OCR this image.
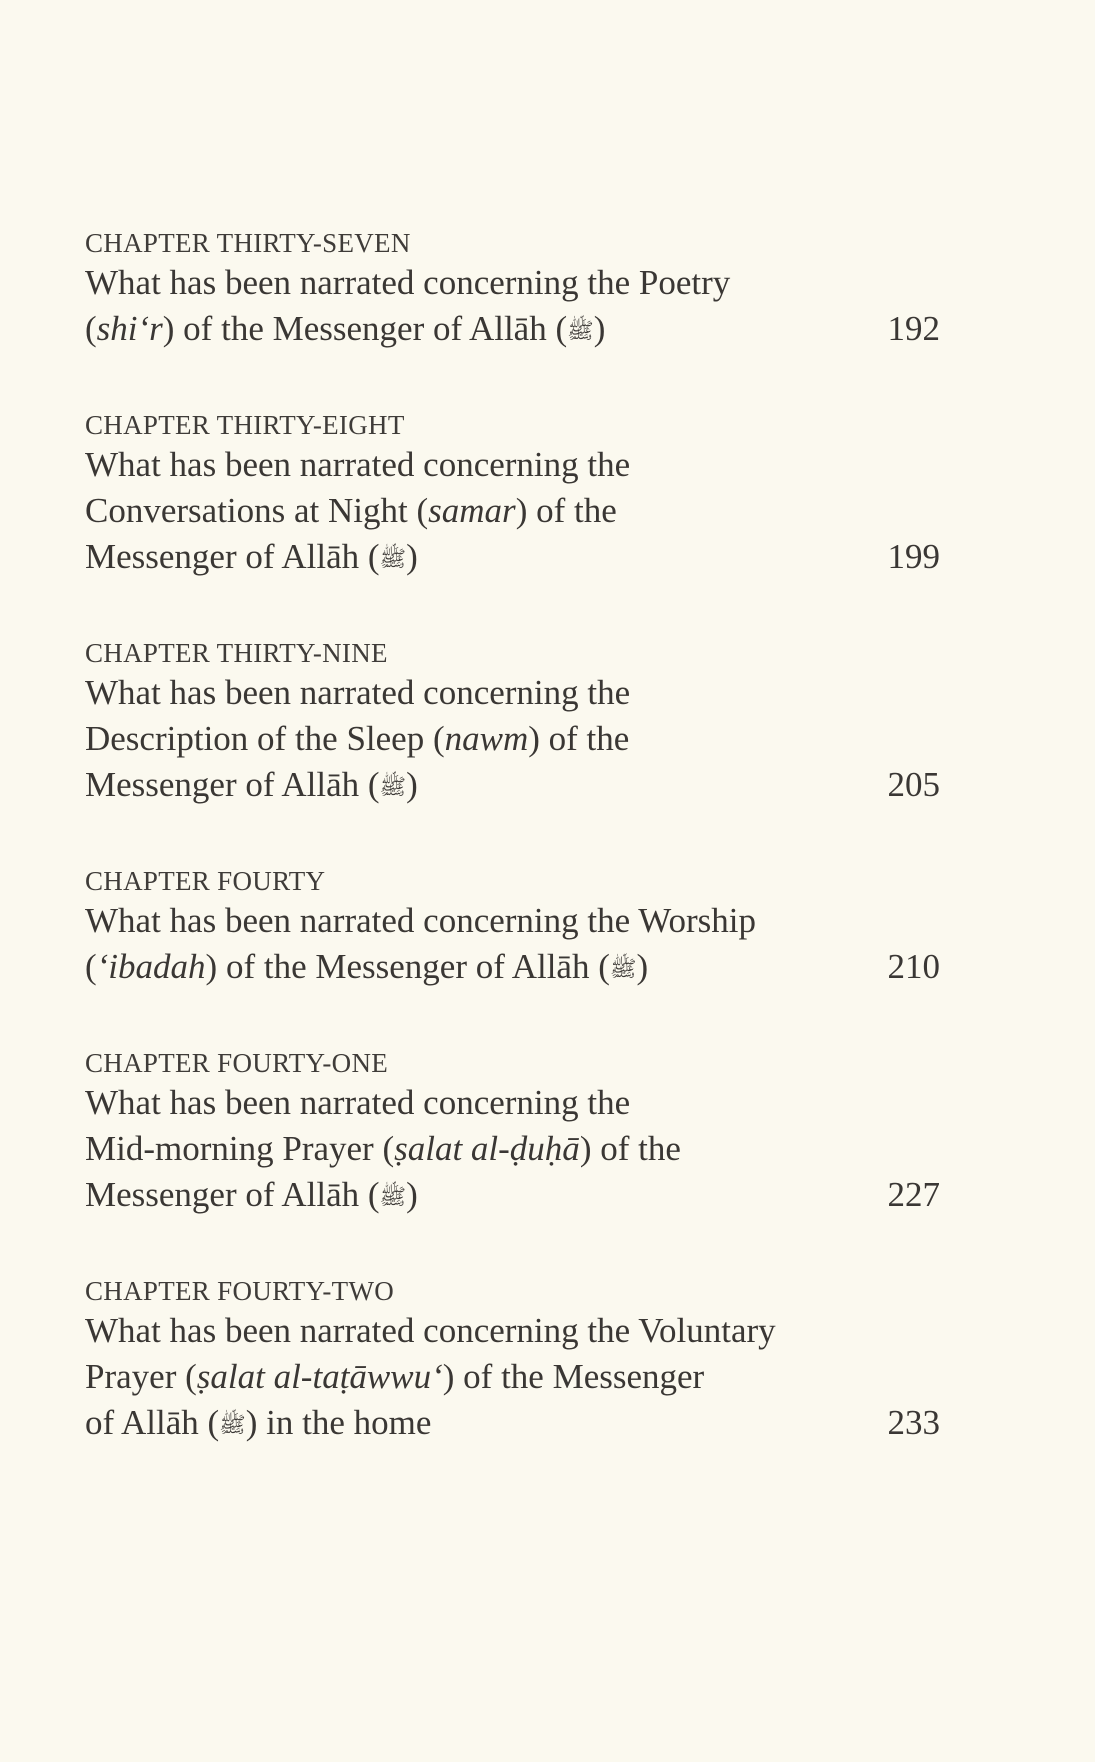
CHAPTER THIRTY-SEVEN
What has been narrated concerning the Poetry
(shi‘r) of the Messenger of Allāh (ﷺ)	192
CHAPTER THIRTY-EIGHT
What has been narrated concerning the
Conversations at Night (samar) of the
Messenger of Allāh (ﷺ)	199
CHAPTER THIRTY-NINE
What has been narrated concerning the
Description of the Sleep (nawm) of the
Messenger of Allāh (ﷺ)	205
CHAPTER FOURTY
What has been narrated concerning the Worship
(‘ibadah) of the Messenger of Allāh (ﷺ)	210
CHAPTER FOURTY-ONE
What has been narrated concerning the
Mid-morning Prayer (ṣalat al-ḍuḥā) of the
Messenger of Allāh (ﷺ)	227
CHAPTER FOURTY-TWO
What has been narrated concerning the Voluntary
Prayer (ṣalat al-taṭāwwu‘) of the Messenger
of Allāh (ﷺ) in the home	233
